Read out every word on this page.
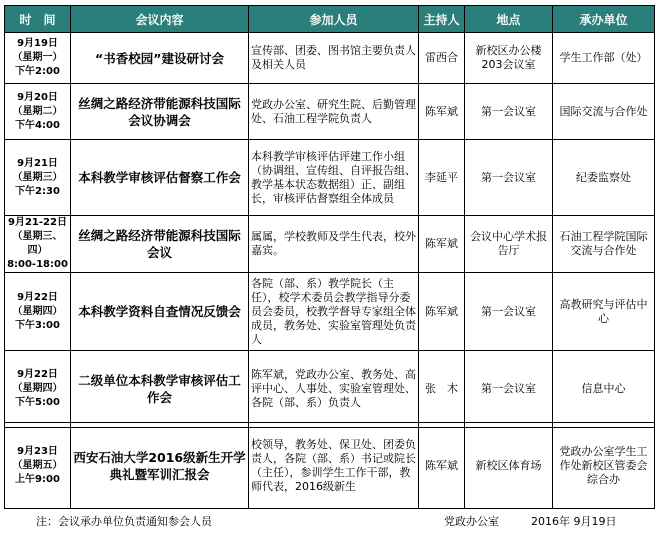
时　间	会议内容	参加人员	主持人	地点	承办单位

9月19日
（星期一）
下午2:00	“书香校园”建设研讨会	宣传部、团委、图书馆主要负责人及相关人员	雷西合	新校区办公楼203会议室	学生工作部（处）

9月20日
（星期二）
下午4:00	丝绸之路经济带能源科技国际会议协调会	党政办公室、研究生院、后勤管理处、石油工程学院负责人	陈军斌	第一会议室	国际交流与合作处

9月21日
（星期三）
下午2:30	本科教学审核评估督察工作会	本科教学审核评估评建工作小组（协调组、宣传组、自评报告组、教学基本状态数据组）正、副组长，审核评估督察组全体成员	李延平	第一会议室	纪委监察处

9月21-22日
（星期三、四）
8:00-18:00	丝绸之路经济带能源科技国际会议	属属，学校教师及学生代表，校外嘉宾。	陈军斌	会议中心学术报告厅	石油工程学院国际交流与合作处

9月22日
（星期四）
下午3:00	本科教学资料自查情况反馈会	各院（部、系）教学院长（主任），校学术委员会教学指导分委员会委员，校教学督导专家组全体成员，教务处、实验室管理处负责人	陈军斌	第一会议室	高教研究与评估中心

9月22日
（星期四）
下午5:00	二级单位本科教学审核评估工作会	陈军斌，党政办公室、教务处、高评中心、人事处、实验室管理处、各院（部、系）负责人	张　木	第一会议室	信息中心
9月23日
（星期五）
上午9:00
	西安石油大学2016级新生开学典礼暨军训汇报会	校领导，教务处、保卫处、团委负责人，各院（部、系）书记或院长（主任），参训学生工作干部，教师代表，2016级新生	陈军斌	新校区体育场	党政办公室学生工作处新校区管委会综合办
注：会议承办单位负责通知参会人员	党政办公室	2016年 9月19日
